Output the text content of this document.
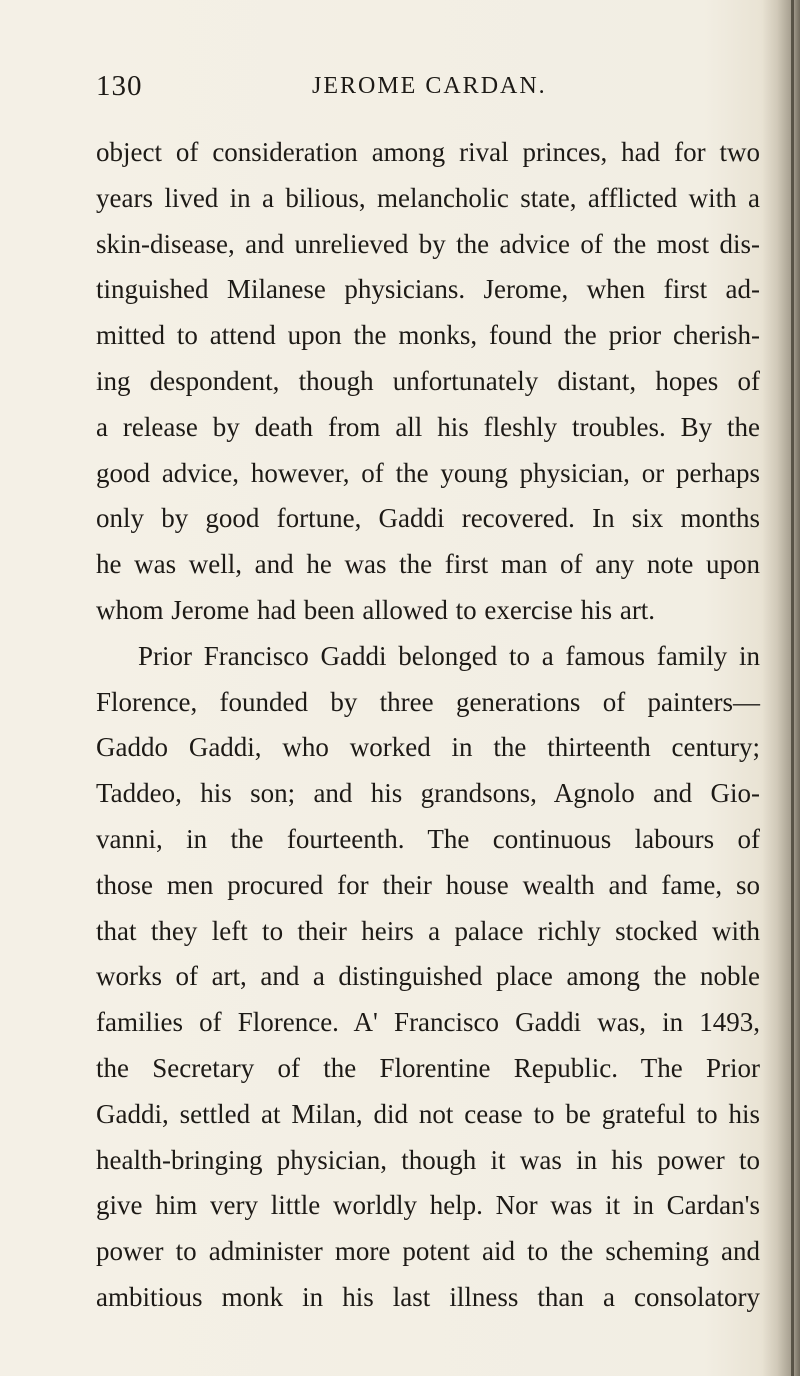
130	JEROME CARDAN.
object of consideration among rival princes, had for two
years lived in a bilious, melancholic state, afflicted with a
skin-disease, and unrelieved by the advice of the most dis-
tinguished Milanese physicians. Jerome, when first ad-
mitted to attend upon the monks, found the prior cherish-
ing despondent, though unfortunately distant, hopes of
a release by death from all his fleshly troubles. By the
good advice, however, of the young physician, or perhaps
only by good fortune, Gaddi recovered. In six months
he was well, and he was the first man of any note upon
whom Jerome had been allowed to exercise his art.
Prior Francisco Gaddi belonged to a famous family in
Florence, founded by three generations of painters—
Gaddo Gaddi, who worked in the thirteenth century;
Taddeo, his son; and his grandsons, Agnolo and Gio-
vanni, in the fourteenth. The continuous labours of
those men procured for their house wealth and fame, so
that they left to their heirs a palace richly stocked with
works of art, and a distinguished place among the noble
families of Florence. A' Francisco Gaddi was, in 1493,
the Secretary of the Florentine Republic. The Prior
Gaddi, settled at Milan, did not cease to be grateful to his
health-bringing physician, though it was in his power to
give him very little worldly help. Nor was it in Cardan's
power to administer more potent aid to the scheming and
ambitious monk in his last illness than a consolatory
